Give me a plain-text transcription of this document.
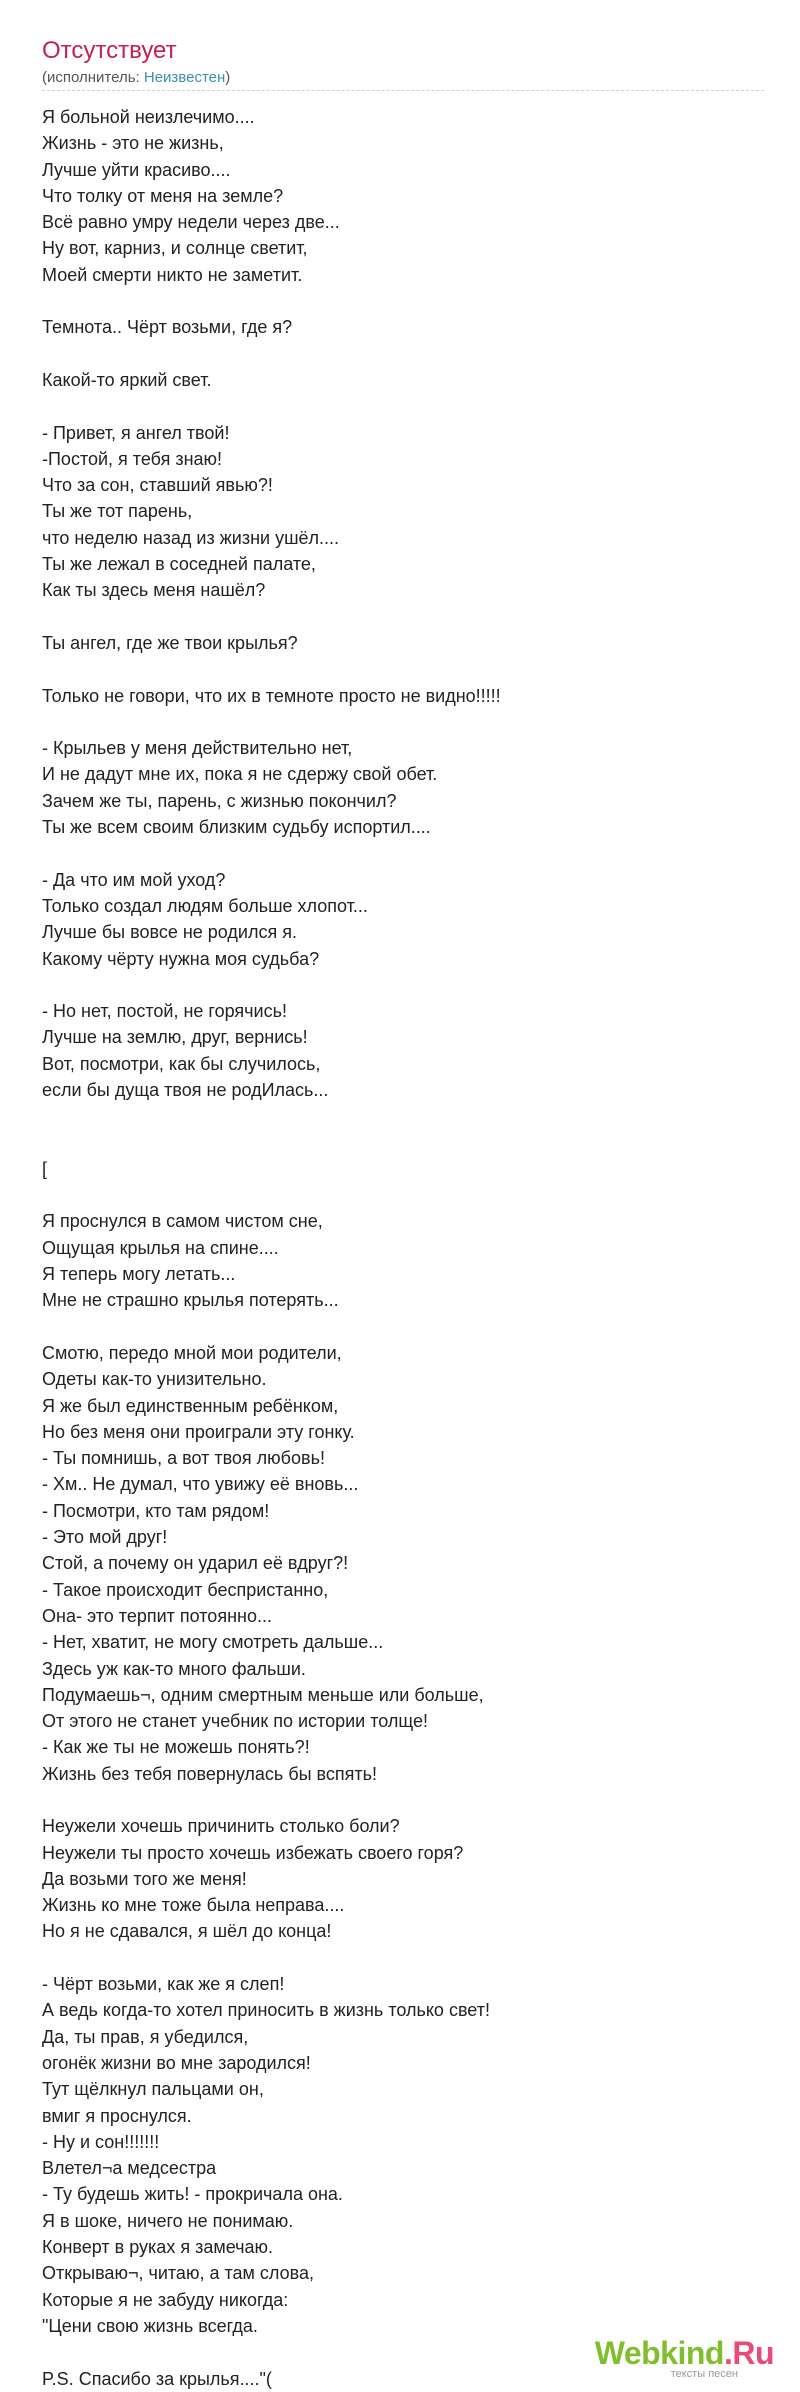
Отсутствует
(исполнитель: Неизвестен)
Я больной неизлечимо....
Жизнь - это не жизнь,
Лучше уйти красиво....
Что толку от меня на земле?
Всё равно умру недели через две...
Ну вот, карниз, и солнце светит,
Моей смерти никто не заметит.
Темнота.. Чёрт возьми, где я?
Какой-то яркий свет.
- Привет, я ангел твой!
-Постой, я тебя знаю!
Что за сон, ставший явью?!
Ты же тот парень,
что неделю назад из жизни ушёл....
Ты же лежал в соседней палате,
Как ты здесь меня нашёл?
Ты ангел, где же твои крылья?
Только не говори, что их в темноте просто не видно!!!!!
- Крыльев у меня действительно нет,
И не дадут мне их, пока я не сдержу свой обет.
Зачем же ты, парень, с жизнью покончил?
Ты же всем своим близким судьбу испортил....
- Да что им мой уход?
Только создал людям больше хлопот...
Лучше бы вовсе не родился я.
Какому чёрту нужна моя судьба?
- Но нет, постой, не горячись!
Лучше на землю, друг, вернись!
Вот, посмотри, как бы случилось,
если бы дуща твоя не родИлась...
[
Я проснулся в самом чистом сне,
Ощущая крылья на спине....
Я теперь могу летать...
Мне не страшно крылья потерять...
Смотю, передо мной мои родители,
Одеты как-то унизительно.
Я же был единственным ребёнком,
Но без меня они проиграли эту гонку.
- Ты помнишь, а вот твоя любовь!
- Хм.. Не думал, что увижу её вновь...
- Посмотри, кто там рядом!
- Это мой друг!
Стой, а почему он ударил её вдруг?!
- Такое происходит беспристанно,
Она- это терпит потоянно...
- Нет, хватит, не могу смотреть дальше...
Здесь уж как-то много фальши.
Подумаешь¬, одним смертным меньше или больше,
От этого не станет учебник по истории толще!
- Как же ты не можешь понять?!
Жизнь без тебя повернулась бы вспять!
Неужели хочешь причинить столько боли?
Неужели ты просто хочешь избежать своего горя?
Да возьми того же меня!
Жизнь ко мне тоже была неправа....
Но я не сдавался, я шёл до конца!
- Чёрт возьми, как же я слеп!
А ведь когда-то хотел приносить в жизнь только свет!
Да, ты прав, я убедился,
огонёк жизни во мне зародился!
Тут щёлкнул пальцами он,
вмиг я проснулся.
- Ну и сон!!!!!!!
Влетел¬а медсестра
- Ту будешь жить! - прокричала она.
Я в шоке, ничего не понимаю.
Конверт в руках я замечаю.
Открываю¬, читаю, а там слова,
Которые я не забуду никогда:
"Цени свою жизнь всегда.
P.S. Спасибо за крылья...."(
Webkind.Ru
тексты песен
